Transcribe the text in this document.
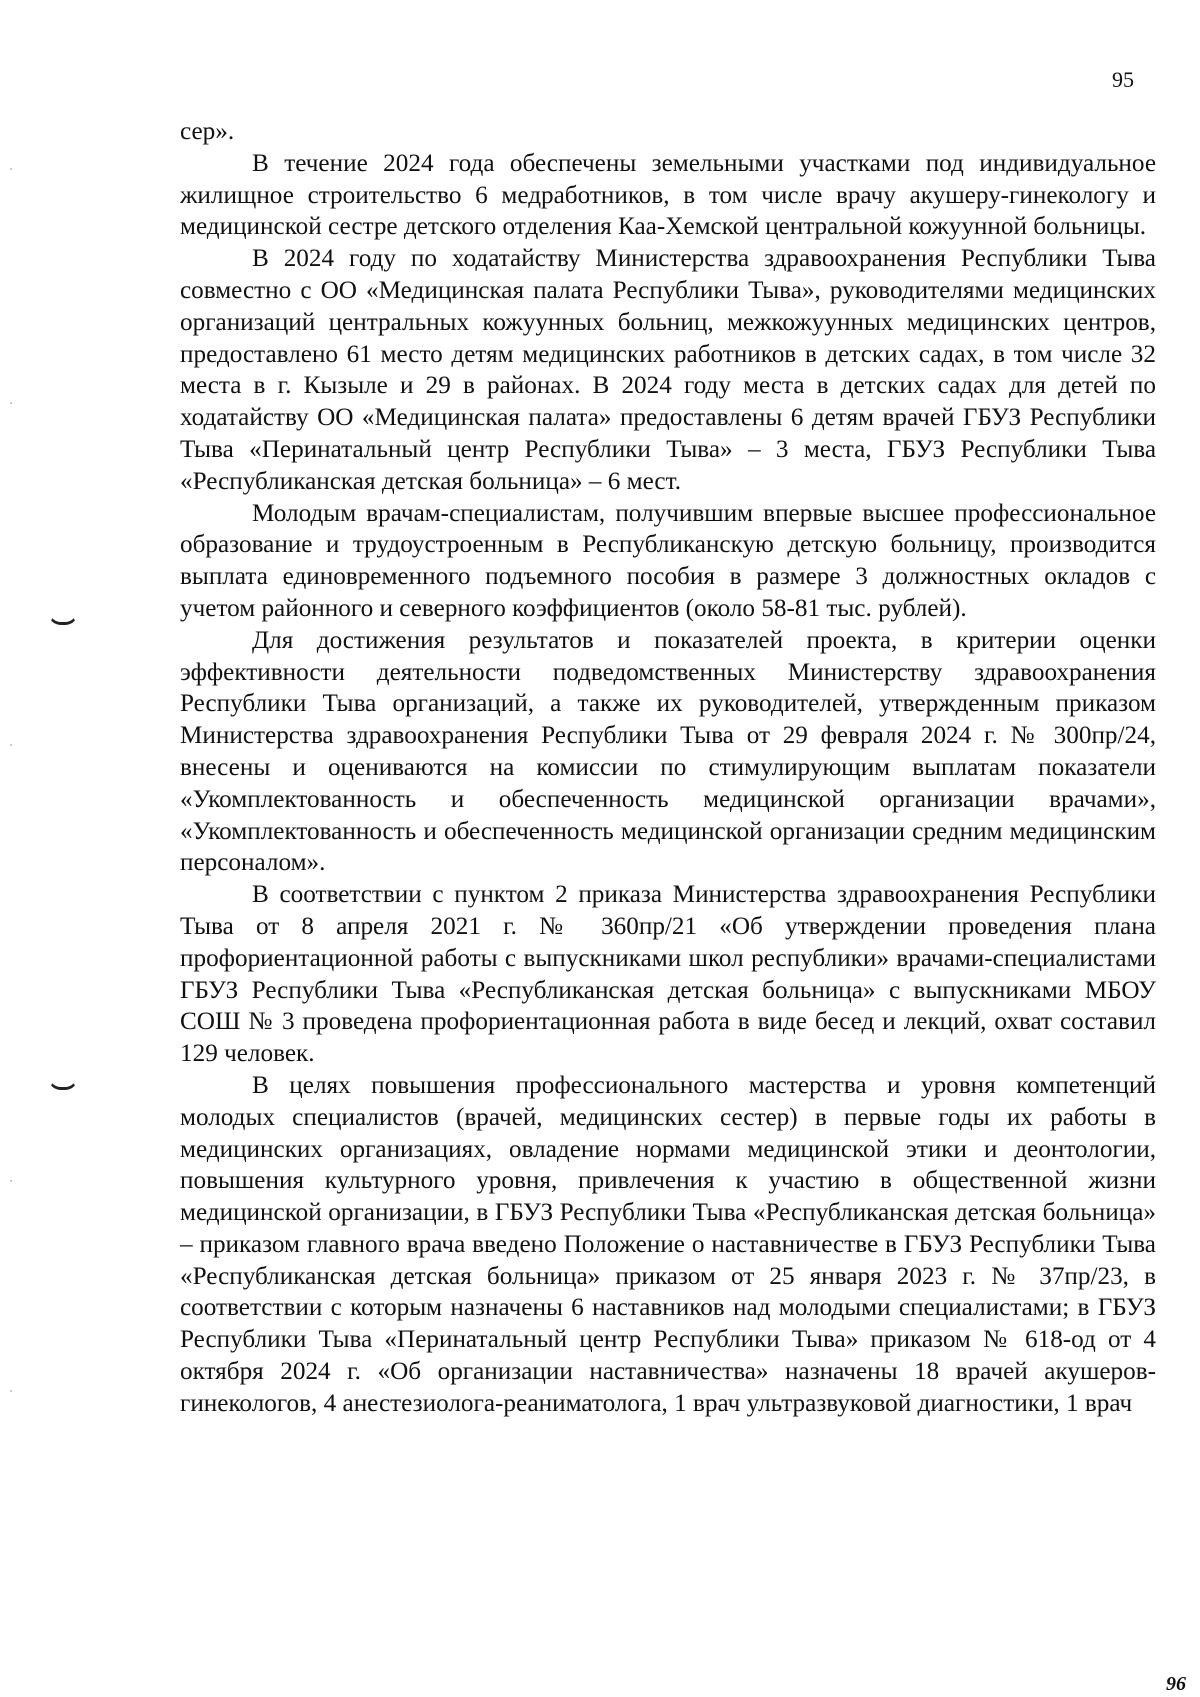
95

сер».

В течение 2024 года обеспечены земельными участками под индивидуальное жилищное строительство 6 медработников, в том числе врачу акушеру-гинекологу и медицинской сестре детского отделения Каа-Хемской центральной кожуунной больницы.

В 2024 году по ходатайству Министерства здравоохранения Республики Тыва совместно с ОО «Медицинская палата Республики Тыва», руководителями медицинских организаций центральных кожуунных больниц, межкожуунных медицинских центров, предоставлено 61 место детям медицинских работников в детских садах, в том числе 32 места в г. Кызыле и 29 в районах. В 2024 году места в детских садах для детей по ходатайству ОО «Медицинская палата» предоставлены 6 детям врачей ГБУЗ Республики Тыва «Перинатальный центр Республики Тыва» – 3 места, ГБУЗ Республики Тыва «Республиканская детская больница» – 6 мест.

Молодым врачам-специалистам, получившим впервые высшее профессиональное образование и трудоустроенным в Республиканскую детскую больницу, производится выплата единовременного подъемного пособия в размере 3 должностных окладов с учетом районного и северного коэффициентов (около 58-81 тыс. рублей).

Для достижения результатов и показателей проекта, в критерии оценки эффективности деятельности подведомственных Министерству здравоохранения Республики Тыва организаций, а также их руководителей, утвержденным приказом Министерства здравоохранения Республики Тыва от 29 февраля 2024 г. № 300пр/24, внесены и оцениваются на комиссии по стимулирующим выплатам показатели «Укомплектованность и обеспеченность медицинской организации врачами», «Укомплектованность и обеспеченность медицинской организации средним медицинским персоналом».

В соответствии с пунктом 2 приказа Министерства здравоохранения Республики Тыва от 8 апреля 2021 г. № 360пр/21 «Об утверждении проведения плана профориентационной работы с выпускниками школ республики» врачами-специалистами ГБУЗ Республики Тыва «Республиканская детская больница» с выпускниками МБОУ СОШ № 3 проведена профориентационная работа в виде бесед и лекций, охват составил 129 человек.

В целях повышения профессионального мастерства и уровня компетенций молодых специалистов (врачей, медицинских сестер) в первые годы их работы в медицинских организациях, овладение нормами медицинской этики и деонтологии, повышения культурного уровня, привлечения к участию в общественной жизни медицинской организации, в ГБУЗ Республики Тыва «Республиканская детская больница» – приказом главного врача введено Положение о наставничестве в ГБУЗ Республики Тыва «Республиканская детская больница» приказом от 25 января 2023 г. № 37пр/23, в соответствии с которым назначены 6 наставников над молодыми специалистами; в ГБУЗ Республики Тыва «Перинатальный центр Республики Тыва» приказом № 618-од от 4 октября 2024 г. «Об организации наставничества» назначены 18 врачей акушеров-гинекологов, 4 анестезиолога-реаниматолога, 1 врач ультразвуковой диагностики, 1 врач

96
